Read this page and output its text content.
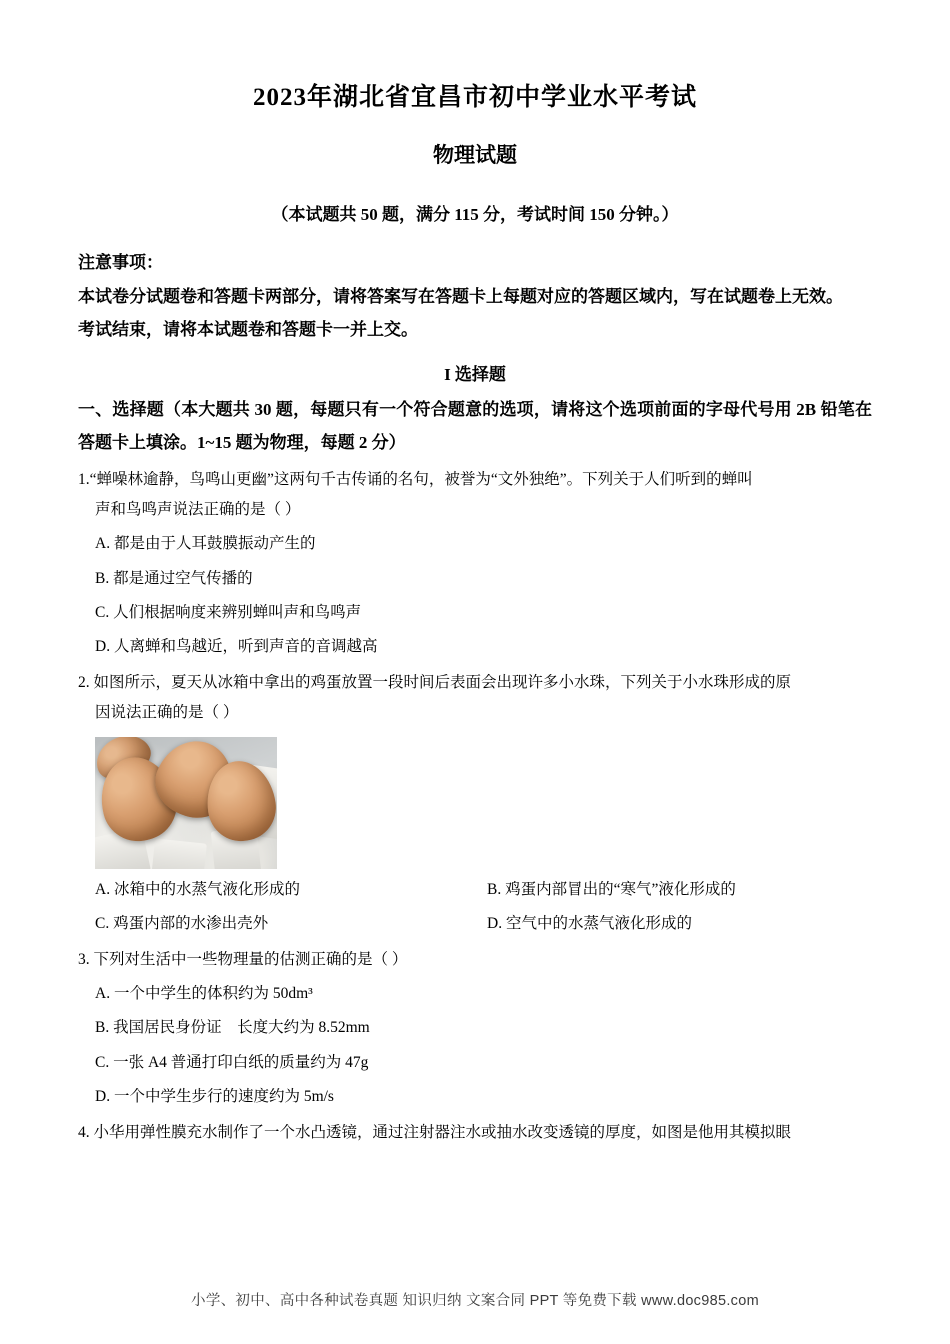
2023年湖北省宜昌市初中学业水平考试
物理试题
（本试题共 50 题，满分 115 分，考试时间 150 分钟。）
注意事项：
本试卷分试题卷和答题卡两部分，请将答案写在答题卡上每题对应的答题区域内，写在试题卷上无效。
考试结束，请将本试题卷和答题卡一并上交。
I 选择题
一、选择题（本大题共 30 题，每题只有一个符合题意的选项，请将这个选项前面的字母代号用 2B 铅笔在答题卡上填涂。1~15 题为物理，每题 2 分）
1.“蝉噪林逾静，鸟鸣山更幽”这两句千古传诵的名句，被誉为“文外独绝”。下列关于人们听到的蝉叫
声和鸟鸣声说法正确的是（ ）
A. 都是由于人耳鼓膜振动产生的
B. 都是通过空气传播的
C. 人们根据响度来辨别蝉叫声和鸟鸣声
D. 人离蝉和鸟越近，听到声音的音调越高
2. 如图所示，夏天从冰箱中拿出的鸡蛋放置一段时间后表面会出现许多小水珠，下列关于小水珠形成的原
因说法正确的是（ ）
A. 冰箱中的水蒸气液化形成的	B. 鸡蛋内部冒出的“寒气”液化形成的
C. 鸡蛋内部的水渗出壳外	D. 空气中的水蒸气液化形成的
3. 下列对生活中一些物理量的估测正确的是（ ）
A. 一个中学生的体积约为 50dm³
B. 我国居民身份证　长度大约为 8.52mm
C. 一张 A4 普通打印白纸的质量约为 47g
D. 一个中学生步行的速度约为 5m/s
4. 小华用弹性膜充水制作了一个水凸透镜，通过注射器注水或抽水改变透镜的厚度，如图是他用其模拟眼
小学、初中、高中各种试卷真题 知识归纳 文案合同 PPT 等免费下载 www.doc985.com
